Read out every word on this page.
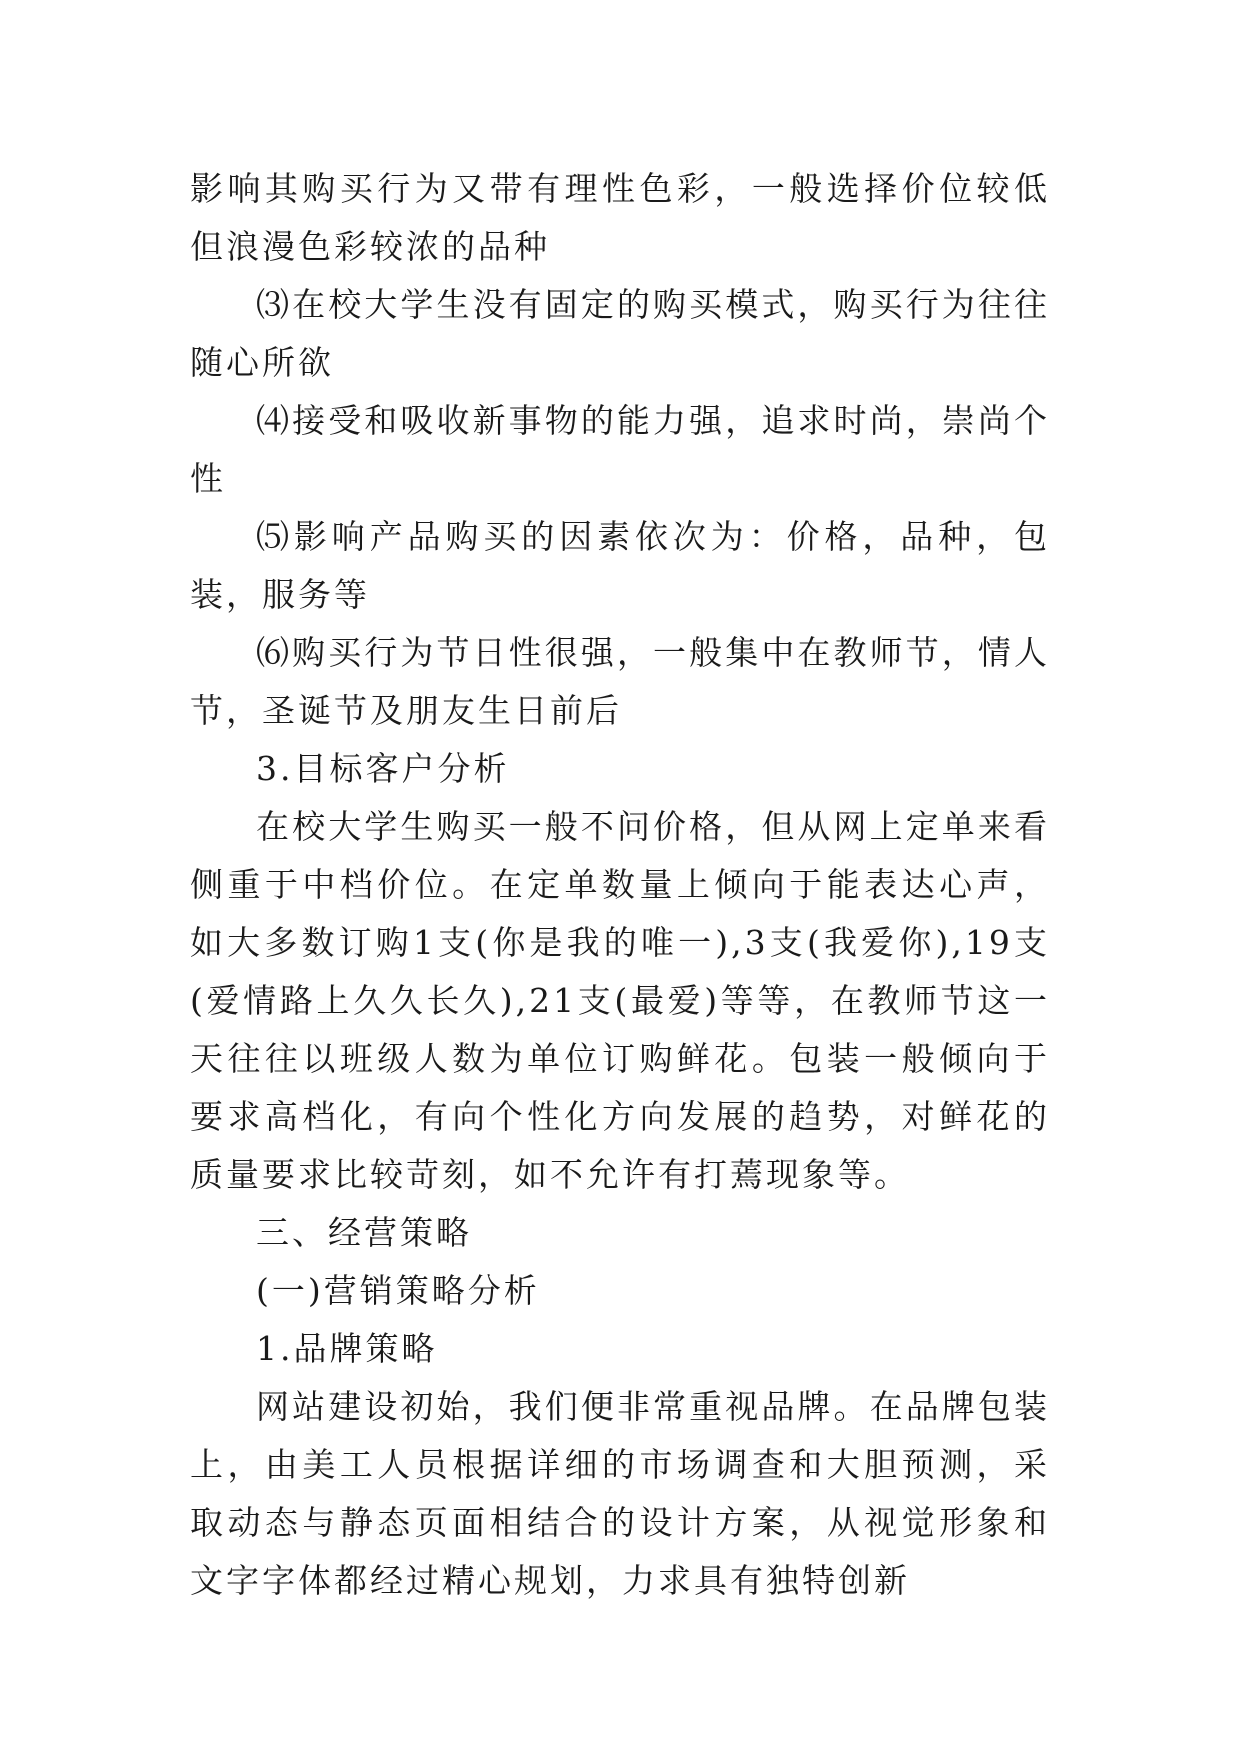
影响其购买行为又带有理性色彩，一般选择价位较低但浪漫色彩较浓的品种

⑶在校大学生没有固定的购买模式，购买行为往往随心所欲

⑷接受和吸收新事物的能力强，追求时尚，崇尚个性

⑸影响产品购买的因素依次为：价格，品种，包装，服务等

⑹购买行为节日性很强，一般集中在教师节，情人节，圣诞节及朋友生日前后

3.目标客户分析

在校大学生购买一般不问价格，但从网上定单来看侧重于中档价位。在定单数量上倾向于能表达心声，如大多数订购1支(你是我的唯一),3支(我爱你),19支(爱情路上久久长久),21支(最爱)等等，在教师节这一天往往以班级人数为单位订购鲜花。包装一般倾向于要求高档化，有向个性化方向发展的趋势，对鲜花的质量要求比较苛刻，如不允许有打蔫现象等。

三、经营策略

(一)营销策略分析

1.品牌策略

网站建设初始，我们便非常重视品牌。在品牌包装上，由美工人员根据详细的市场调查和大胆预测，采取动态与静态页面相结合的设计方案，从视觉形象和文字字体都经过精心规划，力求具有独特创新
